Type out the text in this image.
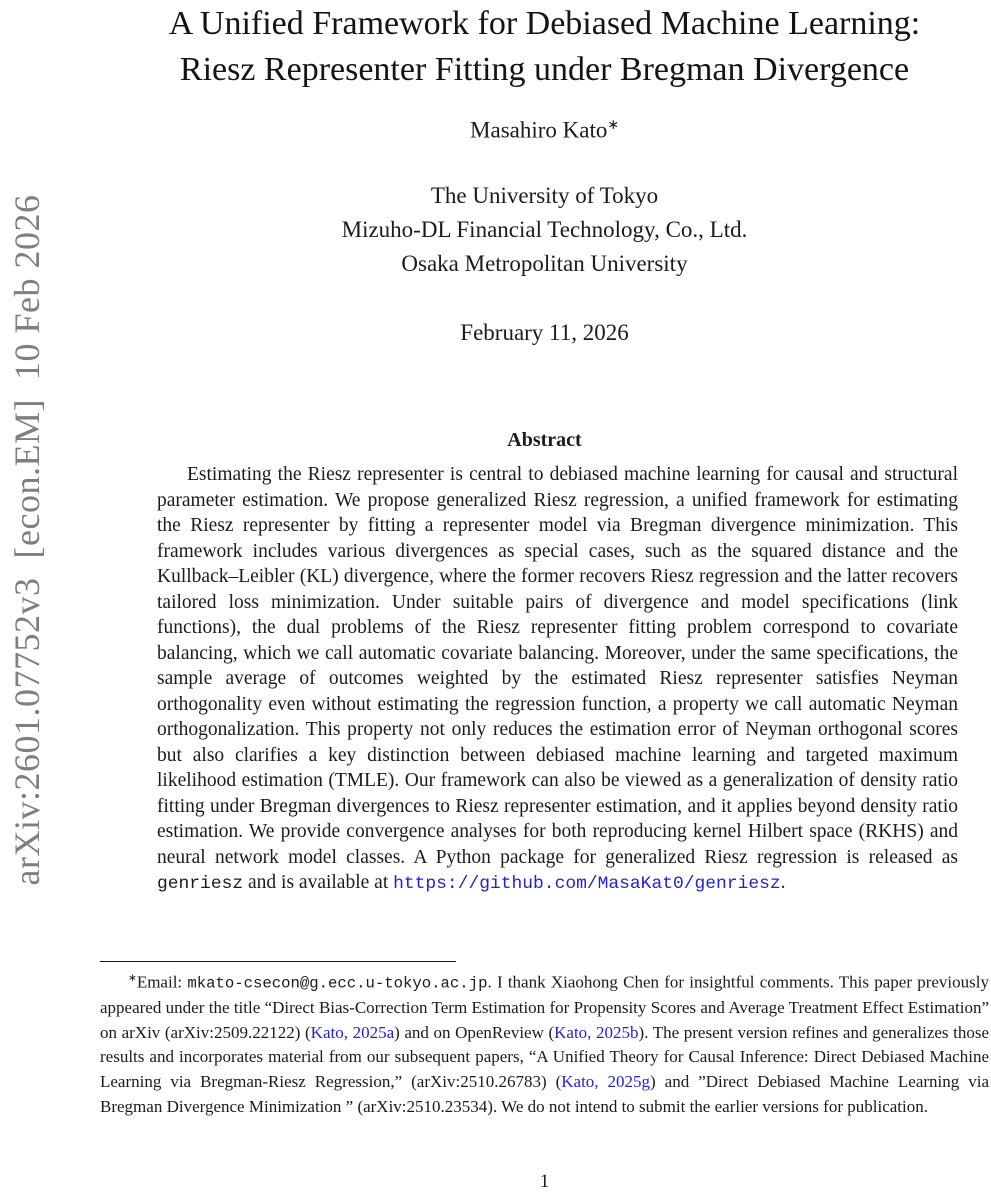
arXiv:2601.07752v3  [econ.EM]  10 Feb 2026
A Unified Framework for Debiased Machine Learning:
Riesz Representer Fitting under Bregman Divergence
Masahiro Kato∗
The University of Tokyo
Mizuho-DL Financial Technology, Co., Ltd.
Osaka Metropolitan University
February 11, 2026
Abstract

Estimating the Riesz representer is central to debiased machine learning for causal and structural parameter estimation. We propose generalized Riesz regression, a unified framework for estimating the Riesz representer by fitting a representer model via Bregman divergence minimization. This framework includes various divergences as special cases, such as the squared distance and the Kullback–Leibler (KL) divergence, where the former recovers Riesz regression and the latter recovers tailored loss minimization. Under suitable pairs of divergence and model specifications (link functions), the dual problems of the Riesz representer fitting problem correspond to covariate balancing, which we call automatic covariate balancing. Moreover, under the same specifications, the sample average of outcomes weighted by the estimated Riesz representer satisfies Neyman orthogonality even without estimating the regression function, a property we call automatic Neyman orthogonalization. This property not only reduces the estimation error of Neyman orthogonal scores but also clarifies a key distinction between debiased machine learning and targeted maximum likelihood estimation (TMLE). Our framework can also be viewed as a generalization of density ratio fitting under Bregman divergences to Riesz representer estimation, and it applies beyond density ratio estimation. We provide convergence analyses for both reproducing kernel Hilbert space (RKHS) and neural network model classes. A Python package for generalized Riesz regression is released as genriesz and is available at https://github.com/MasaKat0/genriesz.

∗Email: mkato-csecon@g.ecc.u-tokyo.ac.jp. I thank Xiaohong Chen for insightful comments. This paper previously appeared under the title “Direct Bias-Correction Term Estimation for Propensity Scores and Average Treatment Effect Estimation” on arXiv (arXiv:2509.22122) (Kato, 2025a) and on OpenReview (Kato, 2025b). The present version refines and generalizes those results and incorporates material from our subsequent papers, “A Unified Theory for Causal Inference: Direct Debiased Machine Learning via Bregman-Riesz Regression,” (arXiv:2510.26783) (Kato, 2025g) and ”Direct Debiased Machine Learning via Bregman Divergence Minimization ” (arXiv:2510.23534). We do not intend to submit the earlier versions for publication.

1
